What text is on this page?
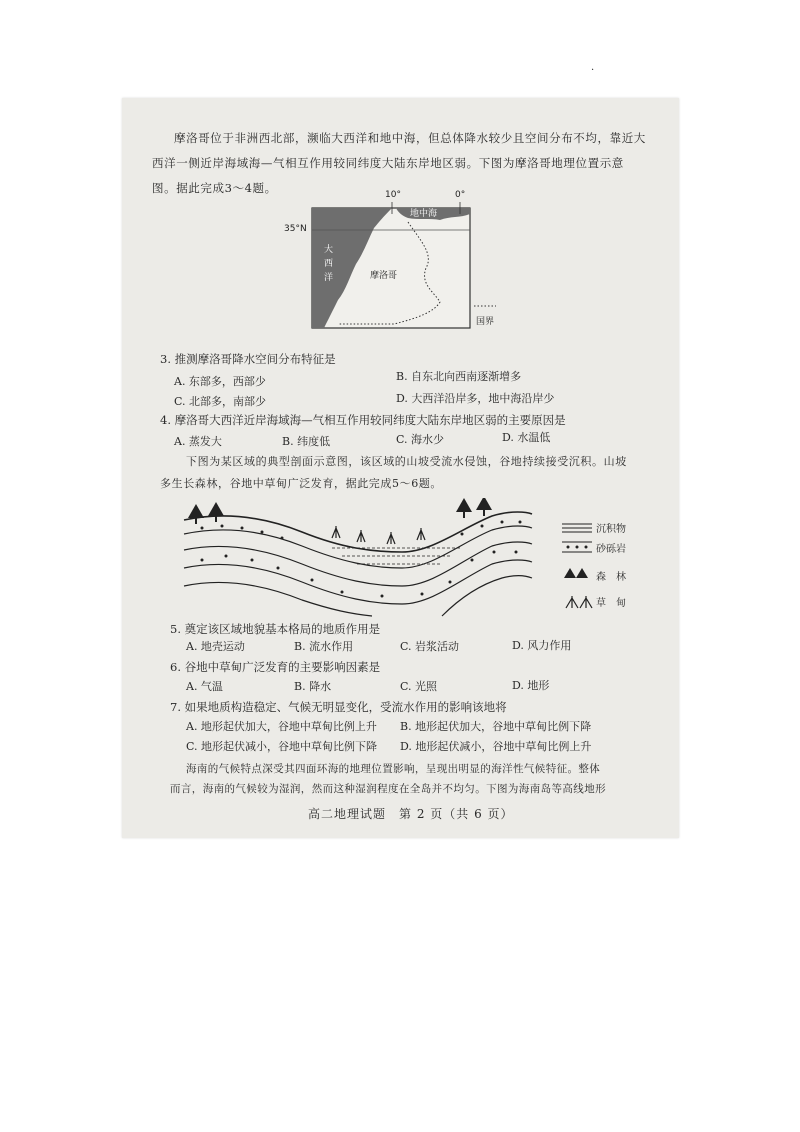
.
摩洛哥位于非洲西北部，濒临大西洋和地中海，但总体降水较少且空间分布不均，靠近大
西洋一侧近岸海域海—气相互作用较同纬度大陆东岸地区弱。下图为摩洛哥地理位置示意
图。据此完成3～4题。	10°	0°
35°N
地中海
大
西
洋	摩洛哥
国界
3. 推测摩洛哥降水空间分布特征是
A. 东部多，西部少	B. 自东北向西南逐渐增多
C. 北部多，南部少	D. 大西洋沿岸多，地中海沿岸少
4. 摩洛哥大西洋近岸海域海—气相互作用较同纬度大陆东岸地区弱的主要原因是
A. 蒸发大	B. 纬度低	C. 海水少	D. 水温低
下图为某区域的典型剖面示意图，该区域的山坡受流水侵蚀，谷地持续接受沉积。山坡
多生长森林，谷地中草甸广泛发育，据此完成5～6题。
沉积物
砂砾岩
森　林
草　甸
5. 奠定该区域地貌基本格局的地质作用是
A. 地壳运动	B. 流水作用	C. 岩浆活动	D. 风力作用
6. 谷地中草甸广泛发育的主要影响因素是
A. 气温	B. 降水	C. 光照	D. 地形
7. 如果地质构造稳定、气候无明显变化，受流水作用的影响该地将
A. 地形起伏加大，谷地中草甸比例上升 B. 地形起伏加大，谷地中草甸比例下降
C. 地形起伏减小，谷地中草甸比例下降 D. 地形起伏减小，谷地中草甸比例上升
海南的气候特点深受其四面环海的地理位置影响，呈现出明显的海洋性气候特征。整体
而言，海南的气候较为湿润，然而这种湿润程度在全岛并不均匀。下图为海南岛等高线地形
高二地理试题　第 2 页（共 6 页）
